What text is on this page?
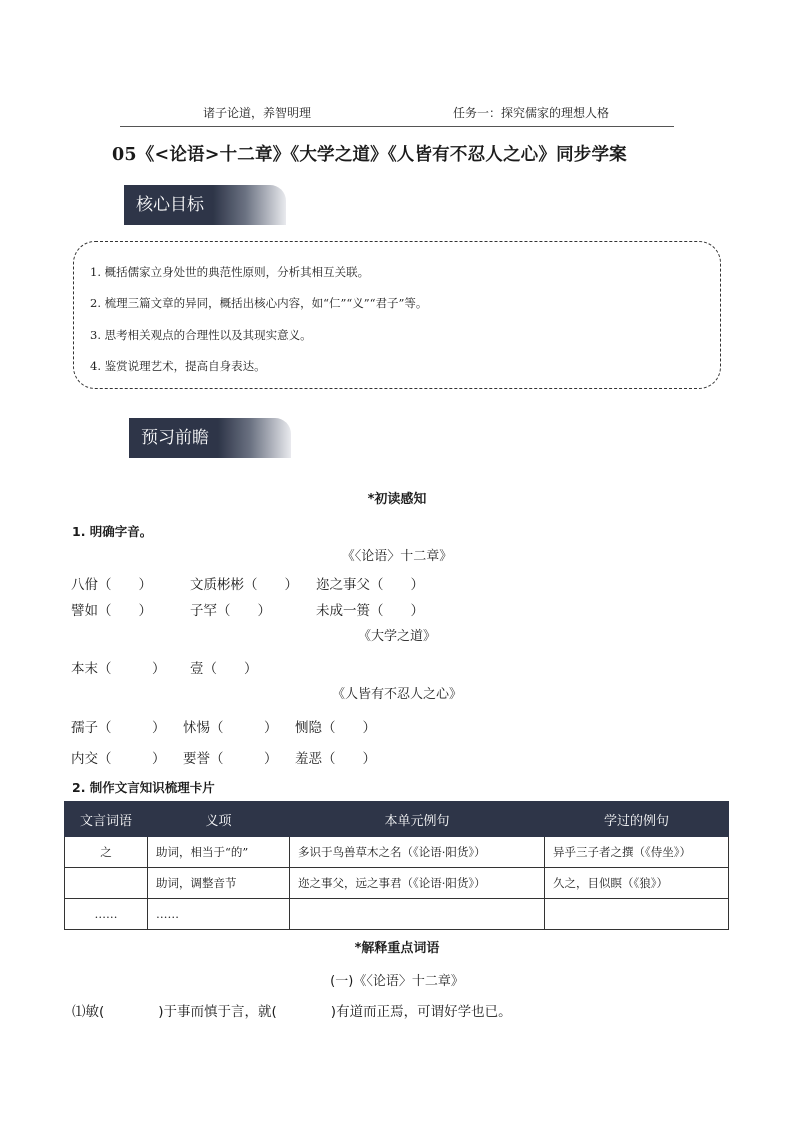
诸子论道，养智明理	任务一：探究儒家的理想人格
05《<论语>十二章》《大学之道》《人皆有不忍人之心》同步学案
核心目标
1. 概括儒家立身处世的典范性原则，分析其相互关联。
2. 梳理三篇文章的异同，概括出核心内容，如“仁”“义”“君子”等。
3. 思考相关观点的合理性以及其现实意义。
4. 鉴赏说理艺术，提高自身表达。
预习前瞻
*初读感知
1. 明确字音。
《〈论语〉十二章》
八佾（　　）	文质彬彬（　　） 迩之事父（　　）
譬如（　　）	子罕（　　）	未成一篑（　　）
《大学之道》
本末（　　　） 壹（　　）
《人皆有不忍人之心》
孺子（　　　） 怵惕（　　　） 恻隐（　　）
内交（　　　） 要誉（　　　） 羞恶（　　）
2. 制作文言知识梳理卡片
文言词语	义项	本单元例句	学过的例句
之	助词，相当于“的”	多识于鸟兽草木之名（《论语·阳货》）	异乎三子者之撰（《侍坐》）
	助词，调整音节	迩之事父，远之事君（《论语·阳货》）	久之，目似瞑（《狼》）
……	……		
*解释重点词语
(一)《〈论语〉十二章》
⑴敏(　　　　)于事而慎于言，就(　　　　)有道而正焉，可谓好学也已。
